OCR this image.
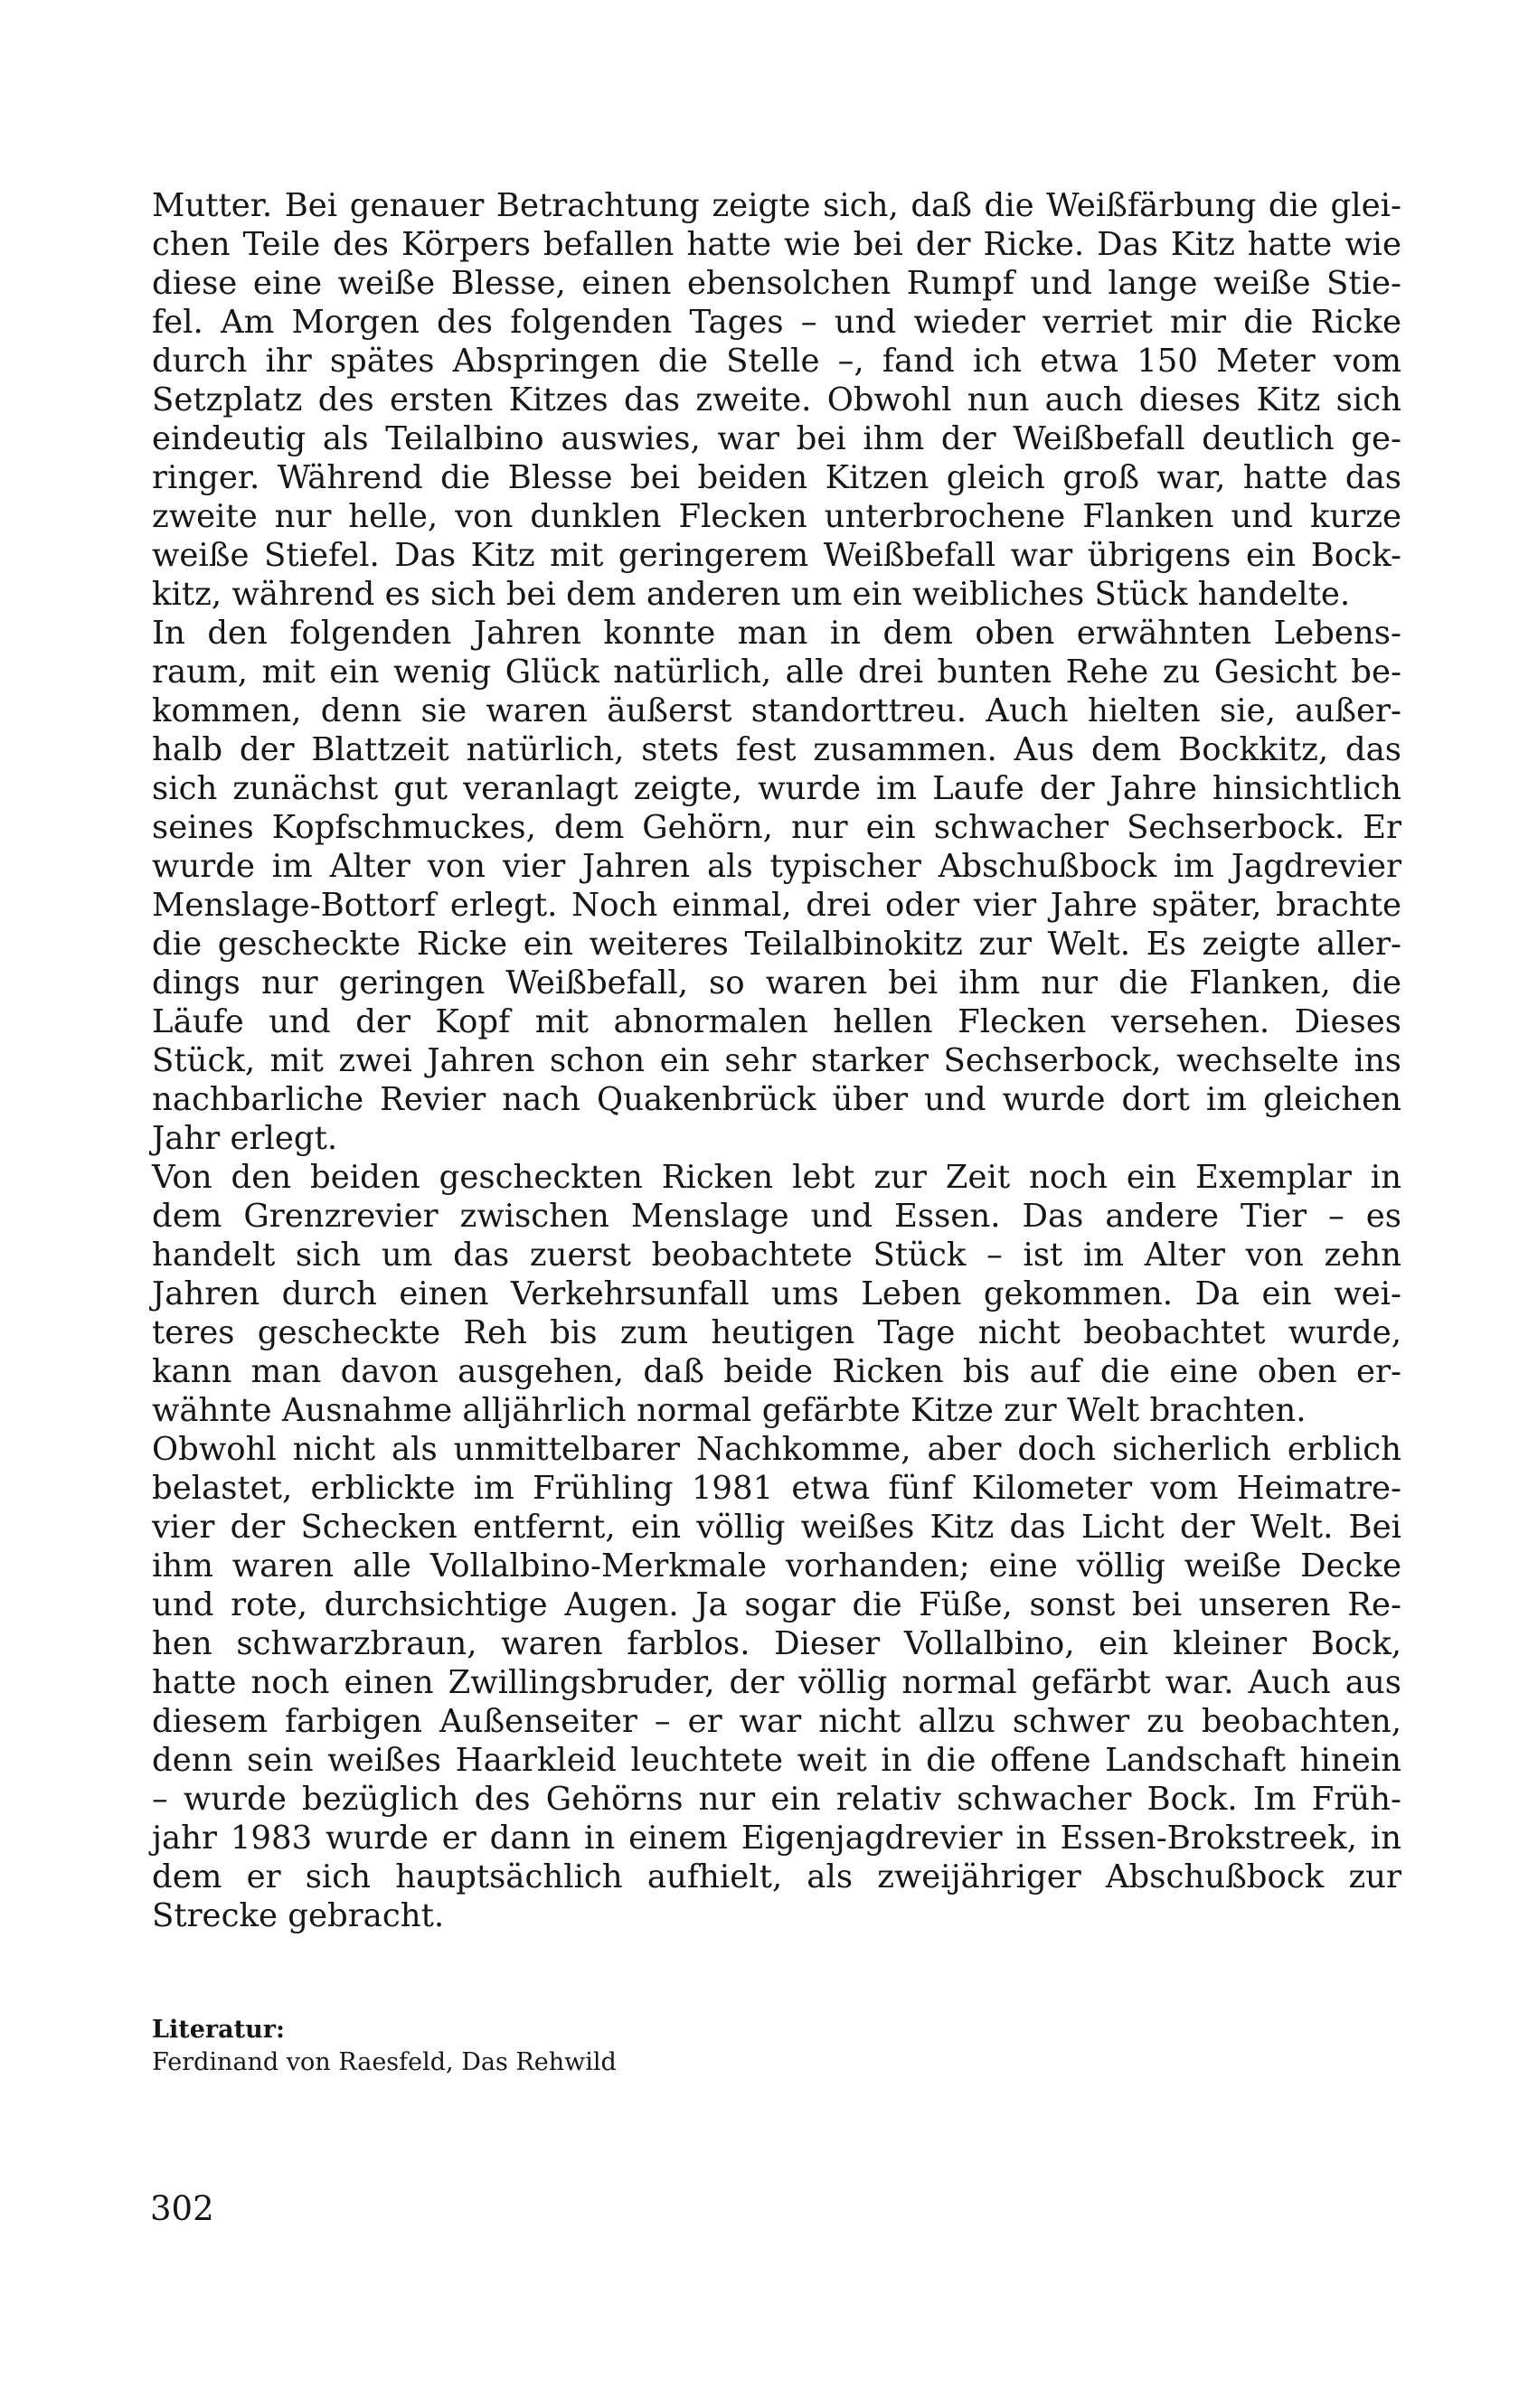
Mutter. Bei genauer Betrachtung zeigte sich, daß die Weißfärbung die glei-
chen Teile des Körpers befallen hatte wie bei der Ricke. Das Kitz hatte wie
diese eine weiße Blesse, einen ebensolchen Rumpf und lange weiße Stie-
fel. Am Morgen des folgenden Tages – und wieder verriet mir die Ricke
durch ihr spätes Abspringen die Stelle –, fand ich etwa 150 Meter vom
Setzplatz des ersten Kitzes das zweite. Obwohl nun auch dieses Kitz sich
eindeutig als Teilalbino auswies, war bei ihm der Weißbefall deutlich ge-
ringer. Während die Blesse bei beiden Kitzen gleich groß war, hatte das
zweite nur helle, von dunklen Flecken unterbrochene Flanken und kurze
weiße Stiefel. Das Kitz mit geringerem Weißbefall war übrigens ein Bock-
kitz, während es sich bei dem anderen um ein weibliches Stück handelte.
In den folgenden Jahren konnte man in dem oben erwähnten Lebens-
raum, mit ein wenig Glück natürlich, alle drei bunten Rehe zu Gesicht be-
kommen, denn sie waren äußerst standorttreu. Auch hielten sie, außer-
halb der Blattzeit natürlich, stets fest zusammen. Aus dem Bockkitz, das
sich zunächst gut veranlagt zeigte, wurde im Laufe der Jahre hinsichtlich
seines Kopfschmuckes, dem Gehörn, nur ein schwacher Sechserbock. Er
wurde im Alter von vier Jahren als typischer Abschußbock im Jagdrevier
Menslage-Bottorf erlegt. Noch einmal, drei oder vier Jahre später, brachte
die gescheckte Ricke ein weiteres Teilalbinokitz zur Welt. Es zeigte aller-
dings nur geringen Weißbefall, so waren bei ihm nur die Flanken, die
Läufe und der Kopf mit abnormalen hellen Flecken versehen. Dieses
Stück, mit zwei Jahren schon ein sehr starker Sechserbock, wechselte ins
nachbarliche Revier nach Quakenbrück über und wurde dort im gleichen
Jahr erlegt.
Von den beiden gescheckten Ricken lebt zur Zeit noch ein Exemplar in
dem Grenzrevier zwischen Menslage und Essen. Das andere Tier – es
handelt sich um das zuerst beobachtete Stück – ist im Alter von zehn
Jahren durch einen Verkehrsunfall ums Leben gekommen. Da ein wei-
teres gescheckte Reh bis zum heutigen Tage nicht beobachtet wurde,
kann man davon ausgehen, daß beide Ricken bis auf die eine oben er-
wähnte Ausnahme alljährlich normal gefärbte Kitze zur Welt brachten.
Obwohl nicht als unmittelbarer Nachkomme, aber doch sicherlich erblich
belastet, erblickte im Frühling 1981 etwa fünf Kilometer vom Heimatre-
vier der Schecken entfernt, ein völlig weißes Kitz das Licht der Welt. Bei
ihm waren alle Vollalbino-Merkmale vorhanden; eine völlig weiße Decke
und rote, durchsichtige Augen. Ja sogar die Füße, sonst bei unseren Re-
hen schwarzbraun, waren farblos. Dieser Vollalbino, ein kleiner Bock,
hatte noch einen Zwillingsbruder, der völlig normal gefärbt war. Auch aus
diesem farbigen Außenseiter – er war nicht allzu schwer zu beobachten,
denn sein weißes Haarkleid leuchtete weit in die offene Landschaft hinein
– wurde bezüglich des Gehörns nur ein relativ schwacher Bock. Im Früh-
jahr 1983 wurde er dann in einem Eigenjagdrevier in Essen-Brokstreek, in
dem er sich hauptsächlich aufhielt, als zweijähriger Abschußbock zur
Strecke gebracht.
Literatur:
Ferdinand von Raesfeld, Das Rehwild
302
